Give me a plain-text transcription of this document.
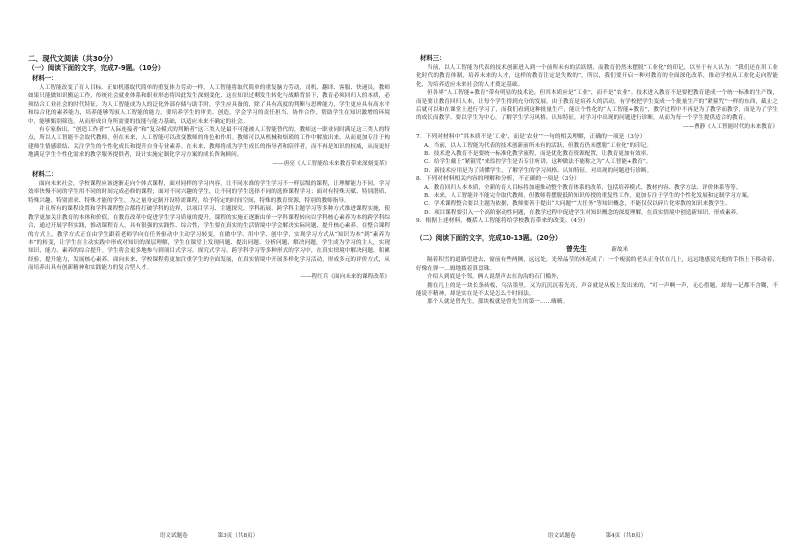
二、现代文阅读（共30分）
（一）阅读下面的文字，完成7-9题。（10分）
材料一：

人工智能改变了育人目标。正如机器取代简单的重复体力劳动一样，人工智能将取代简单的重复脑力劳动，司机、翻译、客服、快递员，教师如果只能做知识搬运工作，传统社会就业体系和职业形态将因此发生深刻变化，这在知识过剩发生转化与战略背景下，教育必须回归人的本质，必须结合工业社会的时代特征，为人工智能成为人的泛化外部存储与助手时，学生应具备的，除了具有高度的判断与思辨能力，学生更应具有高水平和综合化的素养能力，培养能够驾驭人工智能的能力，要培养学生的审美、创造，学会学习的责任担当、协作合作，帮助学生在知识激增的环境中，能够甄别筛选，从而形成自身所需要的技能与能力基础，以适应未来不确定的社会。

有专家指出，“创造工作者”“人际连接者”和“复杂模式的判断者”这三类人是最不可能被人工智能替代的。教师这一职业同时满足这三类人的特点，所以人工智能不会取代教师，但在未来，人工智能可以改变教师的角色和作用。教师可以从机械和烦琐的工作中解放出来，从而更加专注于构建师生情感联结、关注学生的个性化成长和提升自身专业素养。在未来，教师将成为学生成长的指导者和陪伴者，而不再是知识的权威，从而更好地满足学生个性化需求的教学服务提供者，设计实施定制化学习方案的成长咨询顾问。

——唐亮《人工智能给未来教育带来深刻变革》

材料二：

面向未来社会，学校课程应该逐渐走向个体式课程，面对同样的学习内容，让不同水准的学生学习不一样层级的课程，让理解能力不同、学习效率快慢不同的学生用不同的时间完成必修的课程；面对不同兴趣的学生，让不同的学生选择不同的选修课程学习；面对有特殊天赋、特别潜质、特殊兴趣、特别需求、特殊才能的学生，为之量身定制开设特需课程，给予特定的时间空间，特殊的教育资源，特别的教师指导。

并且所有的课程设置和学科课程整合都将打破学科的边界，以项目学习、主题探究、学科拓展、跨学科主题学习等多种方式推进课程实施，使教学更加关注教育的本体和价值，在教育改革中促进学生学习质量的提升，课程的实施正逐渐由单一学科课程转向以学科核心素养为本的跨学科综合，通过开展学科实践，推动课程育人，具有很强的实践性、综合性，学生要在真实的生活情境中学会解决实际问题，提升核心素养。在整合课程的方式上，教学方式正在由学生跟着老师学向在任务驱动中主动学习转变，在做中学、用中学、创中学，实现学习方式从“知识为本”到“素养为本”的转变，让学生在主动实践中形成对知识的深层理解，学生在课堂上发现问题、提出问题、分析问题、解决问题，学生成为学习的主人，实现知识、能力、素养的综合提升。学生将会更多地参与到项目式学习、探究式学习、跨学科学习等多种形式的学习中，在真实情境中解决问题，积累经验，提升能力，发展核心素养。面向未来，学校课程将更加注重学生的全面发展，在真实情境中开展多样化学习活动，形成多元的评价方式，从而培养出具有创新精神和实践能力的复合型人才。

——程红兵《面向未来的课程改革》

语文试题卷	第3页（共8页）
材料三：

当前，以人工智能为代表的技术创新进入到一个前所未有的活跃期，而教育仍然未摆脱“工业化”的印记，以至于有人认为：“我们还在用工业化时代的教育体制，培养未来的人才，这样的教育注定是失败的”。所以，我们要开启一种对教育的全面深化改革，推动学校从工业化走向智能化，为培养适应未来社会的人才奠定基础。

但各界“人工智能+教育”带有明显的技术论，但其本质应是“工业”，而不是“农业”。技术进入教育不是要把教育建成一个统一标准的生产线，而是要让教育回归人本，让每个学生得到充分的发展。由于教育是培养人的活动，有学校把学生变成一个批量生产的“紧箍咒”一样的东西，截止之后就可以和在课堂上进行学习了，而我们看到这种批量生产，能让个性化的“人工智能+教育”，教学过程中不再是为了教学而教学，而是为了学生的成长而教学。要以学生为中心，了解学生学习风格、认知特征，对学习中出现的问题进行诊断，从而为每一个学生提供适合的教育。

——曹静《人工智能时代的未来教育》

7．下列对材料中“其本质不是‘工业’，而是‘农业’”一句的相关理解，正确的一项是（3分）

A．当前，以人工智能为代表的技术创新前所未有的活跃，但教育仍未摆脱“工业化”的印记。

B．技术进入教育不是要统一标准化教学流程，而是优化教育资源配置，让教育更加有效率。

C．给学生戴上“紧箍咒”来监控学生是否专注听讲，这种做法不能称之为“人工智能+教育”。

D．新技术应用是为了读懂学生，了解学生的学习风格、认知特征，对出现的问题进行诊断。

8．下列对材料相关内容的理解和分析，不正确的一项是（3分）

A．教育回归人本本质，全新的育人目标将加速推动整个教育体系的改革，包括培养模式、教材内容、教学方法、评价体系等等。

B．未来，人工智能并不能完全取代教师，但教师将摆脱低阶知识传授的重复性工作，更加专注于学生的个性化发展和定制学习方案。

C．学术课程整合要以主题为依据，教师要善于提出“大问题”“大任务”等知识概念，不能仅仅以碎片化零散的知识来教学生。

D．项目课程要引入一个高阶驱动性问题，在教学过程中促进学生对知识概念的深度理解，在真实情境中创造新知识，形成素养。

9．根据上述材料，概括人工智能将给学校教育带来的改变。（4分）

（二）阅读下面的文字，完成10-13题。（20分）
曾先生	新故米

隔着积雪的道路望进去，窗前有些两侧，远远处，光晕晶莹的冰花成了：一个瘦弱的老头正身伏在几上，远远地感觉光他的手指上下移动着，好像在弹一…姆地拨着算盘珠。

介绍人到底是个邻，俩人说帮声去在沟沟的石门槛外，

拥在几上的是一块长条砖板，乌沾墨里，又为沉沉沉着光亮，声音就是从板上发出来的，“叮一声啊一声，无心借题，却每一记都不含糊，不能说不精神，却是实在是不太是怎么个时间法。

那个人就是曾先生，那块板就是曾先生的第一……嗨嗨。

语文试题卷	第4页（共8页）
